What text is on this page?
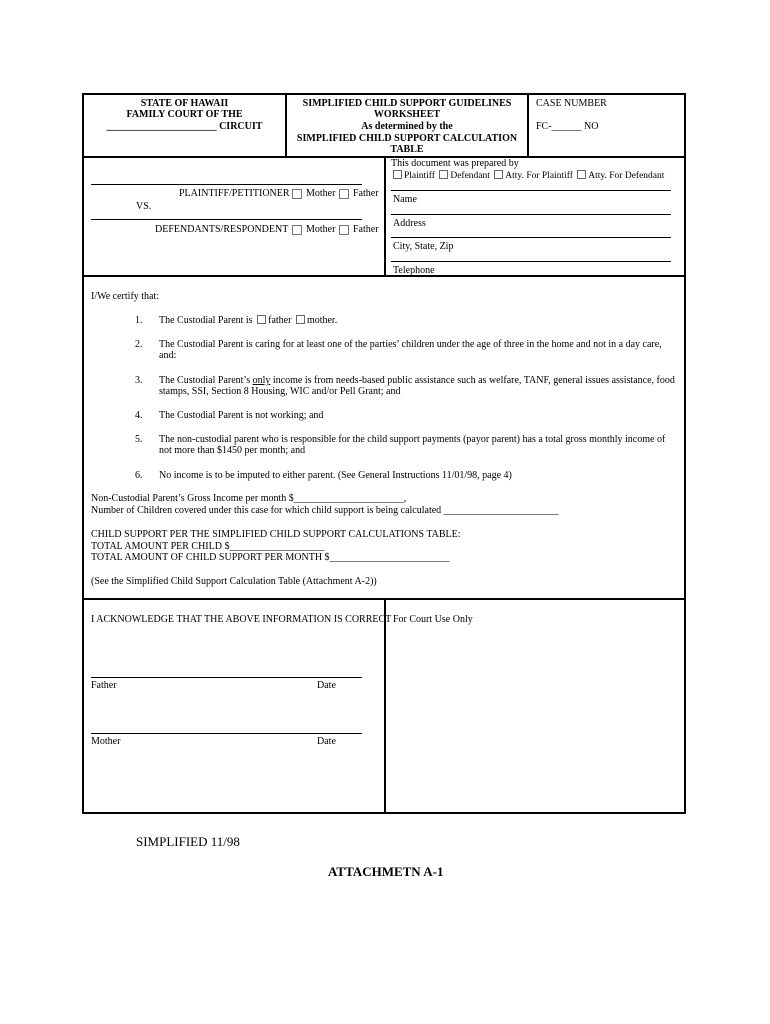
STATE OF HAWAII
FAMILY COURT OF THE
______________________ CIRCUIT
SIMPLIFIED CHILD SUPPORT GUIDELINES
WORKSHEET
As determined by the
SIMPLIFIED CHILD SUPPORT CALCULATION
TABLE
CASE NUMBER
FC-______ NO
PLAINTIFF/PETITIONER Mother Father
VS.
DEFENDANTS/RESPONDENT Mother Father
This document was prepared by
Plaintiff Defendant Atty. For Plaintiff Atty. For Defendant
Name
Address
City, State, Zip
Telephone
I/We certify that:
1. The Custodial Parent is father mother.
2. The Custodial Parent is caring for at least one of the parties’ children under the age of three in the home and not in a day care,
and:
3. The Custodial Parent’s only income is from needs-based public assistance such as welfare, TANF, general issues assistance, food
stamps, SSI, Section 8 Housing, WIC and/or Pell Grant; and
4. The Custodial Parent is not working; and
5. The non-custodial parent who is responsible for the child support payments (payor parent) has a total gross monthly income of
not more than $1450 per month; and
6. No income is to be imputed to either parent. (See General Instructions 11/01/98, page 4)
Non-Custodial Parent’s Gross Income per month $______________________,
Number of Children covered under this case for which child support is being calculated _______________________
CHILD SUPPORT PER THE SIMPLIFIED CHILD SUPPORT CALCULATIONS TABLE:
TOTAL AMOUNT PER CHILD $___________________
TOTAL AMOUNT OF CHILD SUPPORT PER MONTH $________________________
(See the Simplified Child Support Calculation Table (Attachment A-2))
I ACKNOWLEDGE THAT THE ABOVE INFORMATION IS CORRECT
Father	Date
Mother	Date
For Court Use Only
SIMPLIFIED 11/98
ATTACHMETN A-1
